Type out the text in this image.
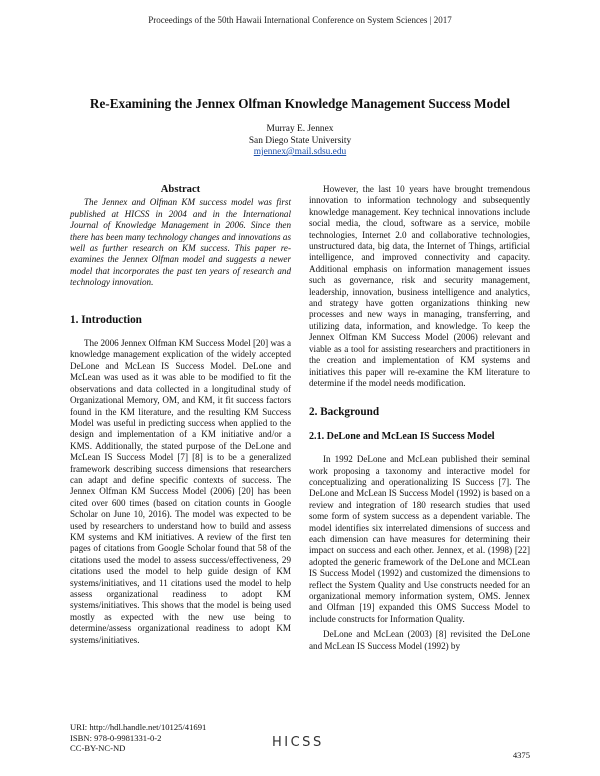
Proceedings of the 50th Hawaii International Conference on System Sciences | 2017
Re-Examining the Jennex Olfman Knowledge Management Success Model
Murray E. Jennex
San Diego State University
mjennex@mail.sdsu.edu
Abstract

The Jennex and Olfman KM success model was first published at HICSS in 2004 and in the International Journal of Knowledge Management in 2006. Since then there has been many technology changes and innovations as well as further research on KM success. This paper re-examines the Jennex Olfman model and suggests a newer model that incorporates the past ten years of research and technology innovation.

1. Introduction

The 2006 Jennex Olfman KM Success Model [20] was a knowledge management explication of the widely accepted DeLone and McLean IS Success Model. DeLone and McLean was used as it was able to be modified to fit the observations and data collected in a longitudinal study of Organizational Memory, OM, and KM, it fit success factors found in the KM literature, and the resulting KM Success Model was useful in predicting success when applied to the design and implementation of a KM initiative and/or a KMS. Additionally, the stated purpose of the DeLone and McLean IS Success Model [7] [8] is to be a generalized framework describing success dimensions that researchers can adapt and define specific contexts of success. The Jennex Olfman KM Success Model (2006) [20] has been cited over 600 times (based on citation counts in Google Scholar on June 10, 2016). The model was expected to be used by researchers to understand how to build and assess KM systems and KM initiatives. A review of the first ten pages of citations from Google Scholar found that 58 of the citations used the model to assess success/effectiveness, 29 citations used the model to help guide design of KM systems/initiatives, and 11 citations used the model to help assess organizational readiness to adopt KM systems/initiatives. This shows that the model is being used mostly as expected with the new use being to determine/assess organizational readiness to adopt KM systems/initiatives.

However, the last 10 years have brought tremendous innovation to information technology and subsequently knowledge management. Key technical innovations include social media, the cloud, software as a service, mobile technologies, Internet 2.0 and collaborative technologies, unstructured data, big data, the Internet of Things, artificial intelligence, and improved connectivity and capacity. Additional emphasis on information management issues such as governance, risk and security management, leadership, innovation, business intelligence and analytics, and strategy have gotten organizations thinking new processes and new ways in managing, transferring, and utilizing data, information, and knowledge. To keep the Jennex Olfman KM Success Model (2006) relevant and viable as a tool for assisting researchers and practitioners in the creation and implementation of KM systems and initiatives this paper will re-examine the KM literature to determine if the model needs modification.

2. Background
2.1. DeLone and McLean IS Success Model

In 1992 DeLone and McLean published their seminal work proposing a taxonomy and interactive model for conceptualizing and operationalizing IS Success [7]. The DeLone and McLean IS Success Model (1992) is based on a review and integration of 180 research studies that used some form of system success as a dependent variable. The model identifies six interrelated dimensions of success and each dimension can have measures for determining their impact on success and each other. Jennex, et al. (1998) [22] adopted the generic framework of the DeLone and MCLean IS Success Model (1992) and customized the dimensions to reflect the System Quality and Use constructs needed for an organizational memory information system, OMS. Jennex and Olfman [19] expanded this OMS Success Model to include constructs for Information Quality.

DeLone and McLean (2003) [8] revisited the DeLone and McLean IS Success Model (1992) by

URI: http://hdl.handle.net/10125/41691
ISBN: 978-0-9981331-0-2
CC-BY-NC-ND	HICSS
4375
